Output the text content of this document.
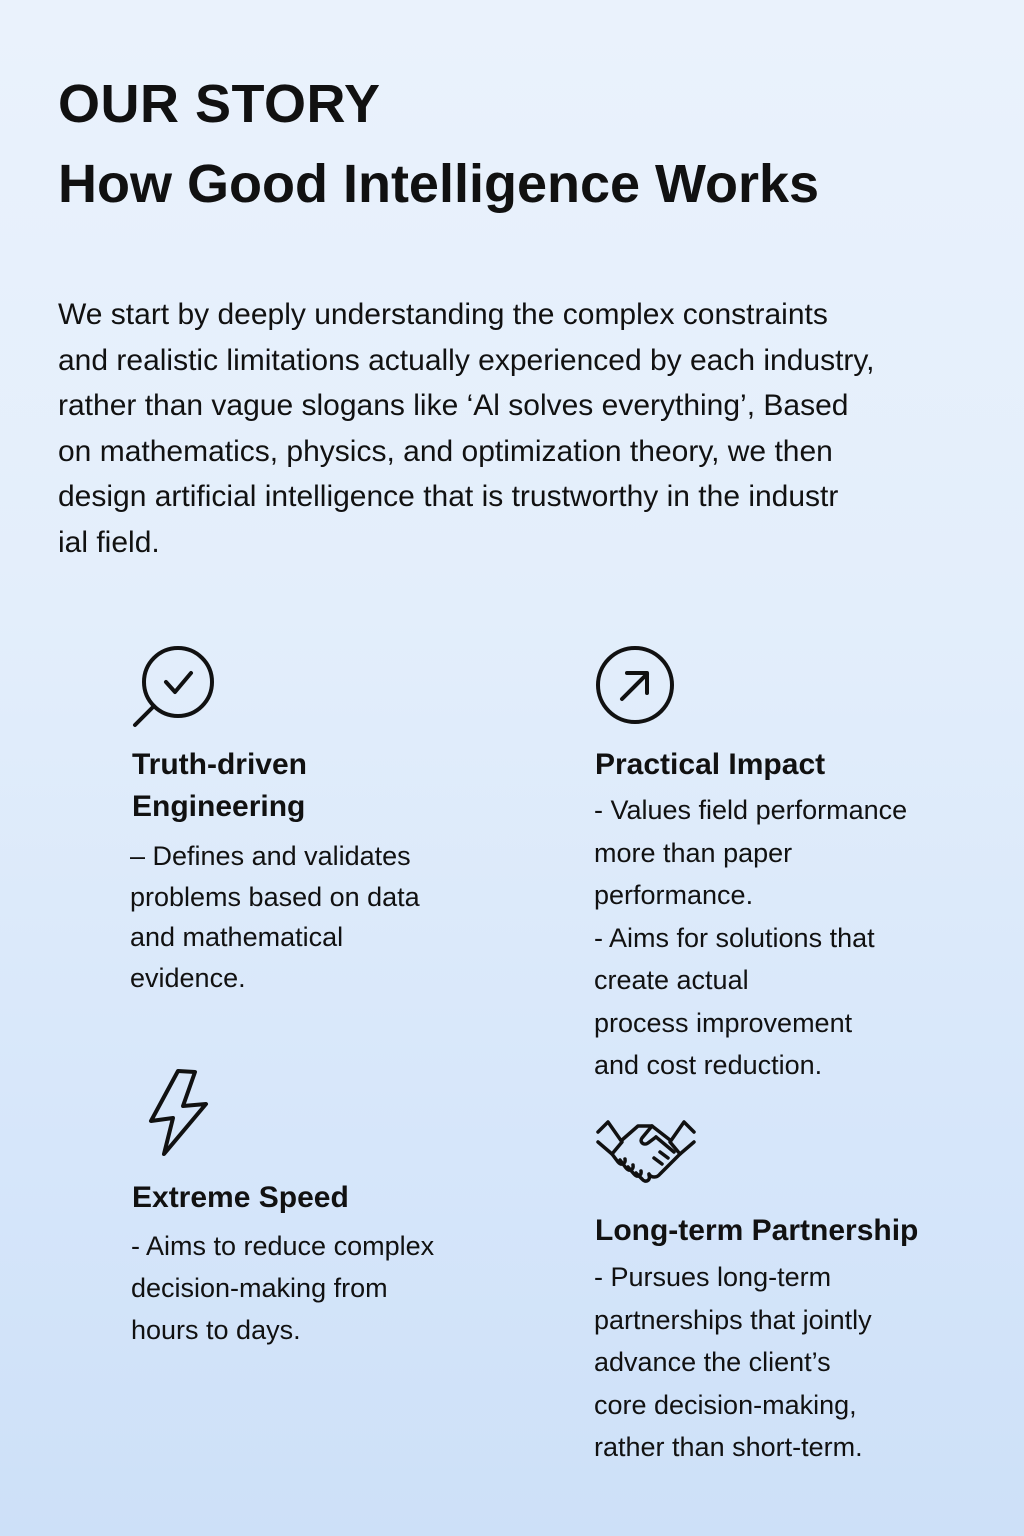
OUR STORY
How Good Intelligence Works
We start by deeply understanding the complex constraints
and realistic limitations actually experienced by each industry,
rather than vague slogans like ‘Al solves everything’, Based
on mathematics, physics, and optimization theory, we then
design artificial intelligence that is trustworthy in the industr
ial field.
Truth-driven
Engineering
– Defines and validates
problems based on data
and mathematical
evidence.
Practical Impact
- Values field performance
more than paper
performance.
- Aims for solutions that
create actual
process improvement
and cost reduction.
Extreme Speed
- Aims to reduce complex
decision-making from
hours to days.
Long-term Partnership
- Pursues long-term
partnerships that jointly
advance the client’s
core decision-making,
rather than short-term.
